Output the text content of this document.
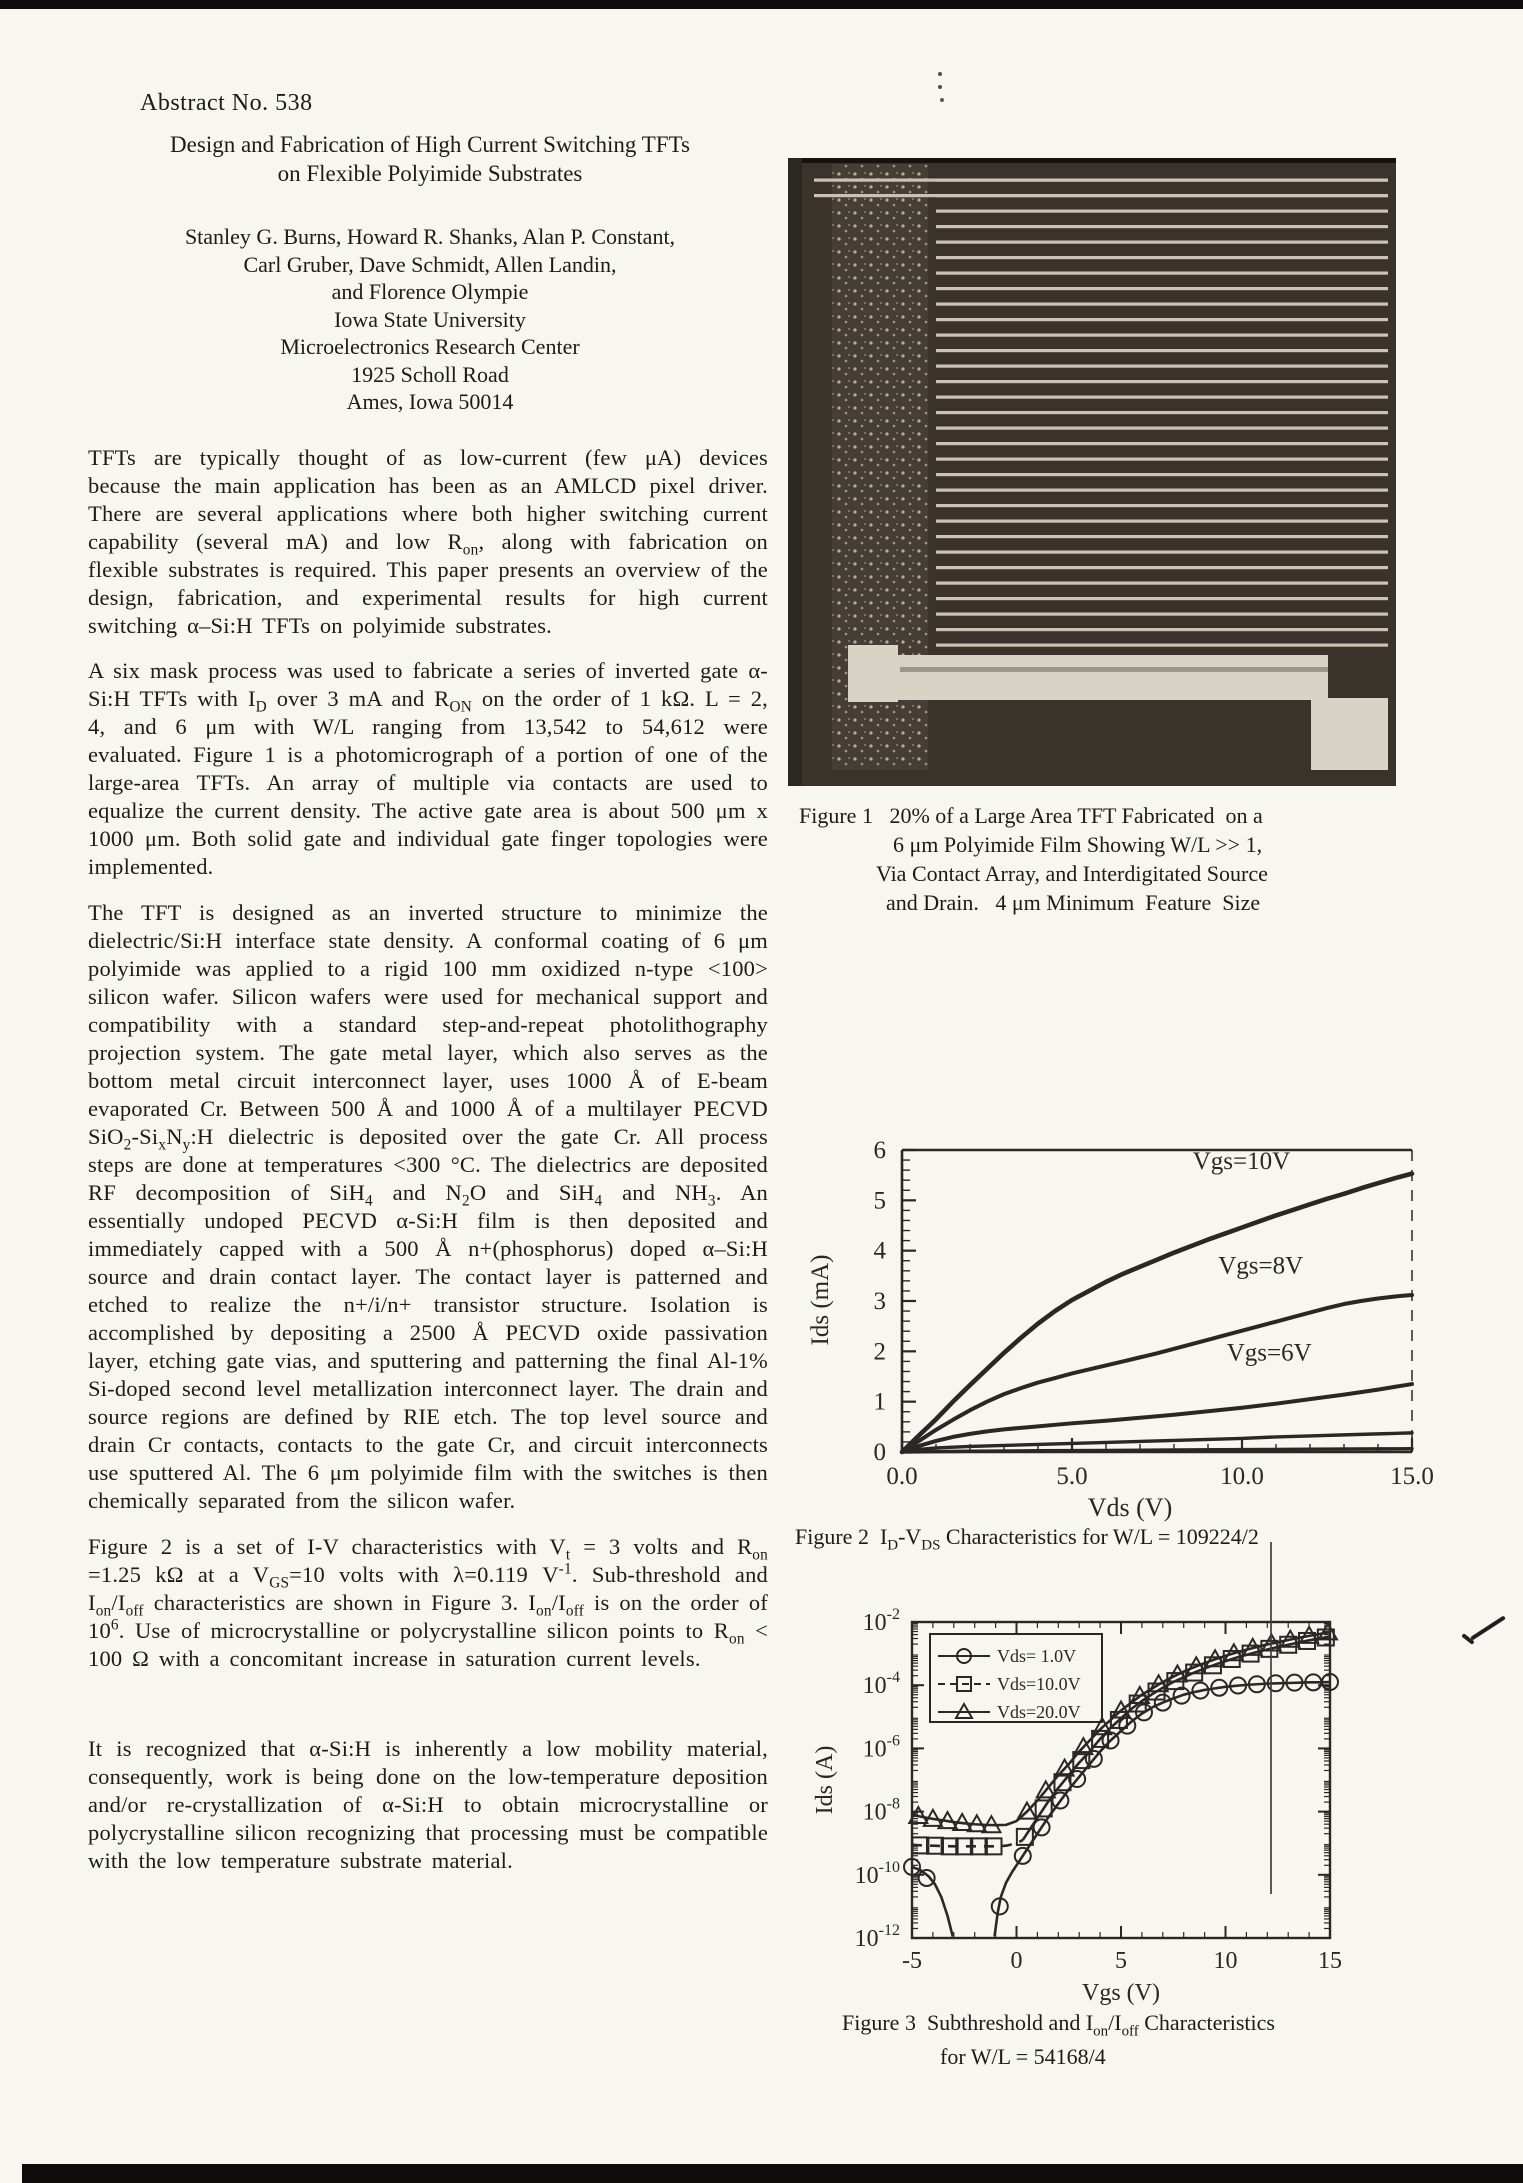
Abstract No. 538
Design and Fabrication of High Current Switching TFTs
on Flexible Polyimide Substrates
Stanley G. Burns, Howard R. Shanks, Alan P. Constant,
Carl Gruber, Dave Schmidt, Allen Landin,
and Florence Olympie
Iowa State University
Microelectronics Research Center
1925 Scholl Road
Ames, Iowa 50014

TFTs are typically thought of as low-current (few μA) devices because the main application has been as an AMLCD pixel driver. There are several applications where both higher switching current capability (several mA) and low $R_{on}$, along with fabrication on flexible substrates is required. This paper presents an overview of the design, fabrication, and experimental results for high current switching α–Si:H TFTs on polyimide substrates.

A six mask process was used to fabricate a series of inverted gate α-Si:H TFTs with $I_D$ over 3 mA and $R_{ON}$ on the order of 1 kΩ. L = 2, 4, and 6 μm with W/L ranging from 13,542 to 54,612 were evaluated. Figure 1 is a photomicrograph of a portion of one of the large-area TFTs. An array of multiple via contacts are used to equalize the current density. The active gate area is about 500 μm x 1000 μm. Both solid gate and individual gate finger topologies were implemented.

The TFT is designed as an inverted structure to minimize the dielectric/Si:H interface state density. A conformal coating of 6 μm polyimide was applied to a rigid 100 mm oxidized n-type <100> silicon wafer. Silicon wafers were used for mechanical support and compatibility with a standard step-and-repeat photolithography projection system. The gate metal layer, which also serves as the bottom metal circuit interconnect layer, uses 1000 Å of E-beam evaporated Cr. Between 500 Å and 1000 Å of a multilayer PECVD $SiO_2-Si_xN_y:H$ dielectric is deposited over the gate Cr. All process steps are done at temperatures <300 °C. The dielectrics are deposited RF decomposition of SiH$_4$ and $N_2O$ and SiH$_4$ and $NH_3$. An essentially undoped PECVD α-Si:H film is then deposited and immediately capped with a 500 Å n+(phosphorus) doped α–Si:H source and drain contact layer. The contact layer is patterned and etched to realize the n+/i/n+ transistor structure. Isolation is accomplished by depositing a 2500 Å PECVD oxide passivation layer, etching gate vias, and sputtering and patterning the final Al-1% Si-doped second level metallization interconnect layer. The drain and source regions are defined by RIE etch. The top level source and drain Cr contacts, contacts to the gate Cr, and circuit interconnects use sputtered Al. The 6 μm polyimide film with the switches is then chemically separated from the silicon wafer.

Figure 2 is a set of I-V characteristics with $V_t = 3$ volts and $R_{on} =1.25$ kΩ at a $V_{GS}=10$ volts with λ=0.119 $V^{-1}$. Sub-threshold and $I_{on}/I_{off}$ characteristics are shown in Figure 3. $I_{on}/I_{off}$ is on the order of $10^6$. Use of microcrystalline or polycrystalline silicon points to $R_{on} < 100$ Ω with a concomitant increase in saturation current levels.

It is recognized that α-Si:H is inherently a low mobility material, consequently, work is being done on the low-temperature deposition and/or re-crystallization of α-Si:H to obtain microcrystalline or polycrystalline silicon recognizing that processing must be compatible with the low temperature substrate material.

Figure 1   20% of a Large Area TFT Fabricated  on a
6 μm Polyimide Film Showing W/L >> 1,
Via Contact Array, and Interdigitated Source
and Drain.   4 μm Minimum  Feature  Size
0
1
2
3
4
5
6
0.0	5.0	10.0	15.0
Vds (V)
Ids (mA)
Vgs=10V
Vgs=8V
Vgs=6V
Figure 2  $I_D-V_{DS}$ Characteristics for W/L = 109224/2
$10^{-2}$
$10^{-4}$
$10^{-6}$
$10^{-8}$
$10^{-10}$
$10^{-12}$
-5	0	5	10	15
Vgs (V)
Ids (A)
Vds= 1.0V
Vds=10.0V
Vds=20.0V
Figure 3  Subthreshold and $I_{on}/I_{off}$ Characteristics
for W/L = 54168/4
